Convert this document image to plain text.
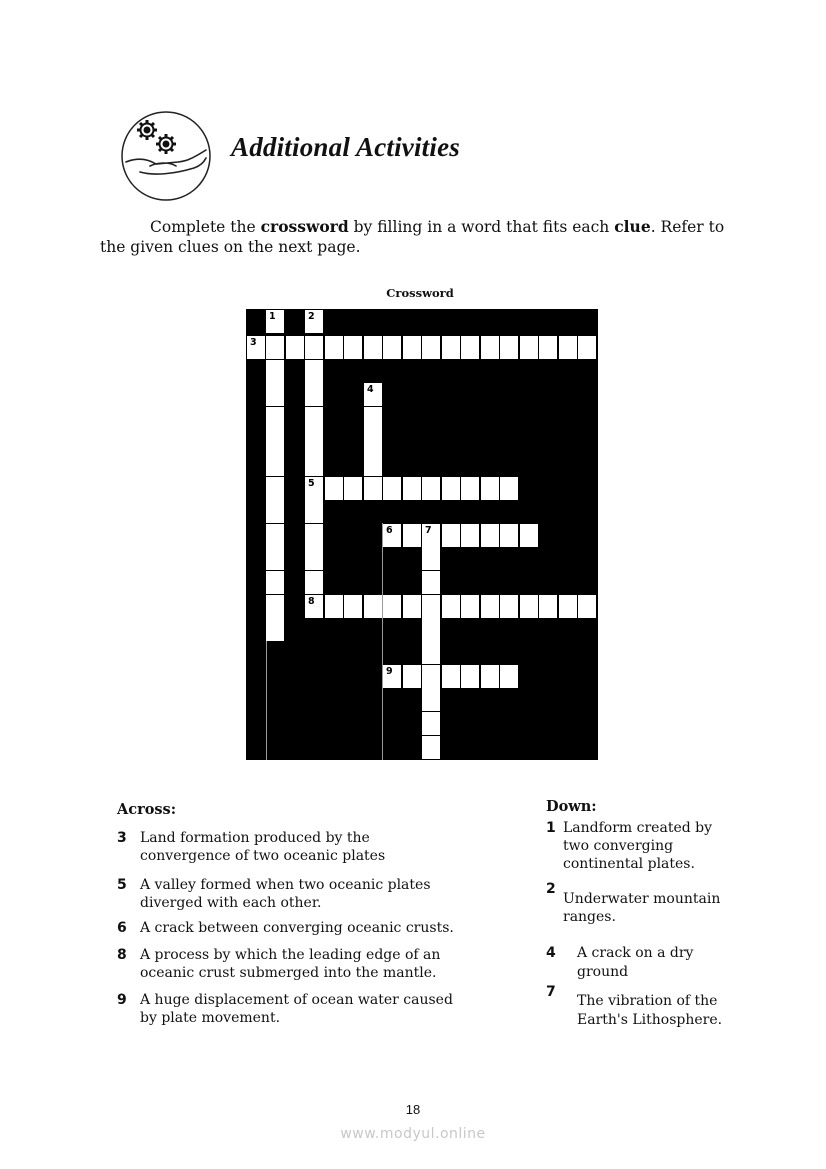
Additional Activities
Complete the crossword by filling in a word that fits each clue. Refer to the given clues on the next page.
Crossword
3
1	2
5
8
4
6	7
9
Across:
3 Land formation produced by the
convergence of two oceanic plates
5 A valley formed when two oceanic plates
diverged with each other.
6 A crack between converging oceanic crusts.
8 A process by which the leading edge of an
oceanic crust submerged into the mantle.
9 A huge displacement of ocean water caused
by plate movement.
Down:
1 Landform created by
two converging
continental plates.
2
Underwater mountain
ranges.
4 A crack on a dry
ground
7
The vibration of the
Earth's Lithosphere.
18
www.modyul.online
